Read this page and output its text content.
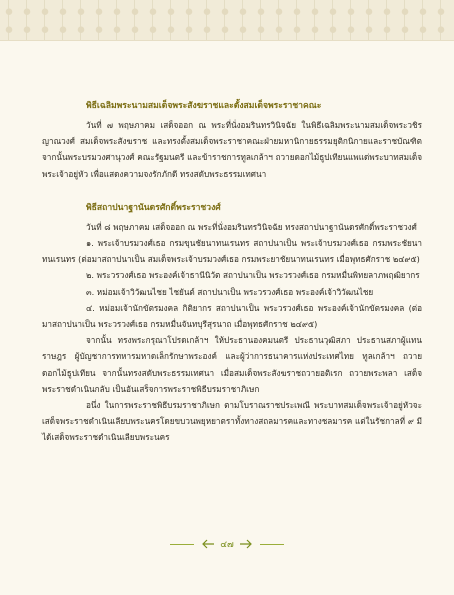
พิธีเฉลิมพระนามสมเด็จพระสังฆราชและตั้งสมเด็จพระราชาคณะ

วันที่ ๗ พฤษภาคม เสด็จออก ณ พระที่นั่งอมรินทรวินิจฉัย ในพิธีเฉลิมพระนามสมเด็จพระวชิรญาณวงศ์ สมเด็จพระสังฆราช และทรงตั้งสมเด็จพระราชาคณะฝ่ายมหานิกายธรรมยุติกนิกายและราชบัณฑิต จากนั้นพระบรมวงศานุวงศ์ คณะรัฐมนตรี และข้าราชการทูลเกล้าฯ ถวายดอกไม้ธูปเทียนแพแด่พระบาทสมเด็จพระเจ้าอยู่หัว เพื่อแสดงความจงรักภักดี ทรงสดับพระธรรมเทศนา

พิธีสถาปนาฐานันดรศักดิ์พระราชวงศ์

วันที่ ๘ พฤษภาคม เสด็จออก ณ พระที่นั่งอมรินทรวินิจฉัย ทรงสถาปนาฐานันดรศักดิ์พระราชวงศ์

๑. พระเจ้าบรมวงศ์เธอ กรมขุนชัยนาทนเรนทร สถาปนาเป็น พระเจ้าบรมวงศ์เธอ กรมพระชัยนาทนเรนทร (ต่อมาสถาปนาเป็น สมเด็จพระเจ้าบรมวงศ์เธอ กรมพระยาชัยนาทนเรนทร เมื่อพุทธศักราช ๒๔๙๕)

๒. พระวรวงศ์เธอ พระองค์เจ้าธานีนิวัต สถาปนาเป็น พระวรวงศ์เธอ กรมหมื่นพิทยลาภพฤฒิยากร

๓. หม่อมเจ้าวิวัฒนไชย ไชยันต์ สถาปนาเป็น พระวรวงศ์เธอ พระองค์เจ้าวิวัฒนไชย

๔. หม่อมเจ้านักขัตรมงคล กิติยากร สถาปนาเป็น พระวรวงศ์เธอ พระองค์เจ้านักขัตรมงคล (ต่อมาสถาปนาเป็น พระวรวงศ์เธอ กรมหมื่นจันทบุรีสุรนาถ เมื่อพุทธศักราช ๒๔๙๕)

จากนั้น ทรงพระกรุณาโปรดเกล้าฯ ให้ประธานองคมนตรี ประธานวุฒิสภา ประธานสภาผู้แทนราษฎร ผู้บัญชาการทหารมหาดเล็กรักษาพระองค์ และผู้ว่าการธนาคารแห่งประเทศไทย ทูลเกล้าฯ ถวายดอกไม้ธูปเทียน จากนั้นทรงสดับพระธรรมเทศนา เมื่อสมเด็จพระสังฆราชถวายอติเรก ถวายพระพลา เสด็จพระราชดำเนินกลับ เป็นอันเสร็จการพระราชพิธีบรมราชาภิเษก

อนึ่ง ในการพระราชพิธีบรมราชาภิเษก ตามโบราณราชประเพณี พระบาทสมเด็จพระเจ้าอยู่หัวจะเสด็จพระราชดำเนินเลียบพระนครโดยขบวนพยุหยาตราทั้งทางสถลมารคและทางชลมารค แต่ในรัชกาลที่ ๙ มีได้เสด็จพระราชดำเนินเลียบพระนคร

๔๗
